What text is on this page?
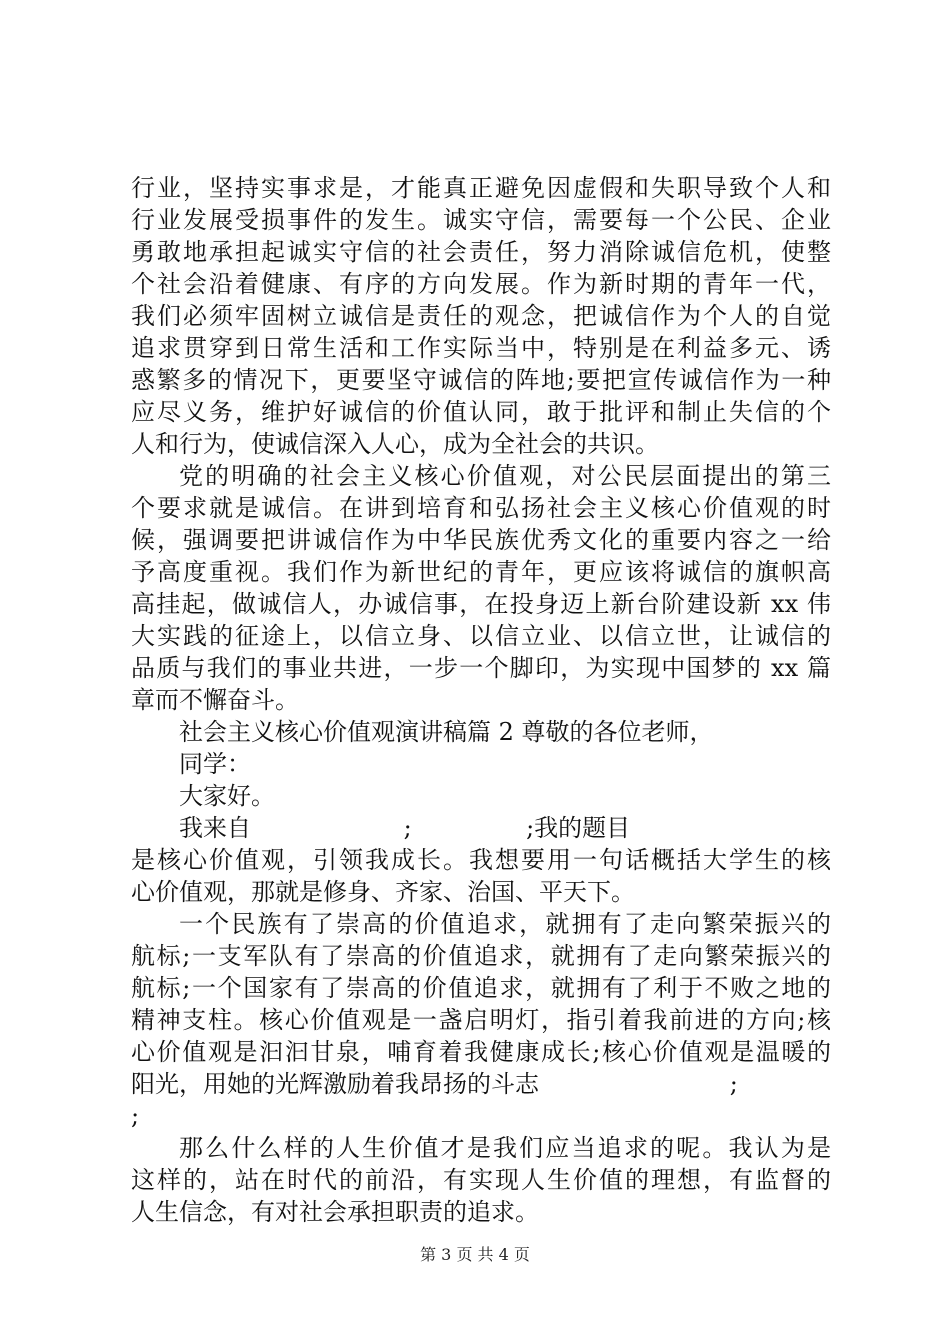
行业，坚持实事求是，才能真正避免因虚假和失职导致个人和
行业发展受损事件的发生。诚实守信，需要每一个公民、企业
勇敢地承担起诚实守信的社会责任，努力消除诚信危机，使整
个社会沿着健康、有序的方向发展。作为新时期的青年一代，
我们必须牢固树立诚信是责任的观念，把诚信作为个人的自觉
追求贯穿到日常生活和工作实际当中，特别是在利益多元、诱
惑繁多的情况下，更要坚守诚信的阵地;要把宣传诚信作为一种
应尽义务，维护好诚信的价值认同，敢于批评和制止失信的个
人和行为，使诚信深入人心，成为全社会的共识。
党的明确的社会主义核心价值观，对公民层面提出的第三
个要求就是诚信。在讲到培育和弘扬社会主义核心价值观的时
候，强调要把讲诚信作为中华民族优秀文化的重要内容之一给
予高度重视。我们作为新世纪的青年，更应该将诚信的旗帜高
高挂起，做诚信人，办诚信事，在投身迈上新台阶建设新 xx 伟
大实践的征途上，以信立身、以信立业、以信立世，让诚信的
品质与我们的事业共进，一步一个脚印，为实现中国梦的 xx 篇
章而不懈奋斗。
社会主义核心价值观演讲稿篇 2 尊敬的各位老师，
同学：
大家好。
我来自                    ;               ;我的题目
是核心价值观，引领我成长。我想要用一句话概括大学生的核
心价值观，那就是修身、齐家、治国、平天下。
一个民族有了崇高的价值追求，就拥有了走向繁荣振兴的
航标;一支军队有了崇高的价值追求，就拥有了走向繁荣振兴的
航标;一个国家有了崇高的价值追求，就拥有了利于不败之地的
精神支柱。核心价值观是一盏启明灯，指引着我前进的方向;核
心价值观是汩汩甘泉，哺育着我健康成长;核心价值观是温暖的
阳光，用她的光辉激励着我昂扬的斗志                         ;
;
那么什么样的人生价值才是我们应当追求的呢。我认为是
这样的，站在时代的前沿，有实现人生价值的理想，有监督的
人生信念，有对社会承担职责的追求。
第 3 页 共 4 页
